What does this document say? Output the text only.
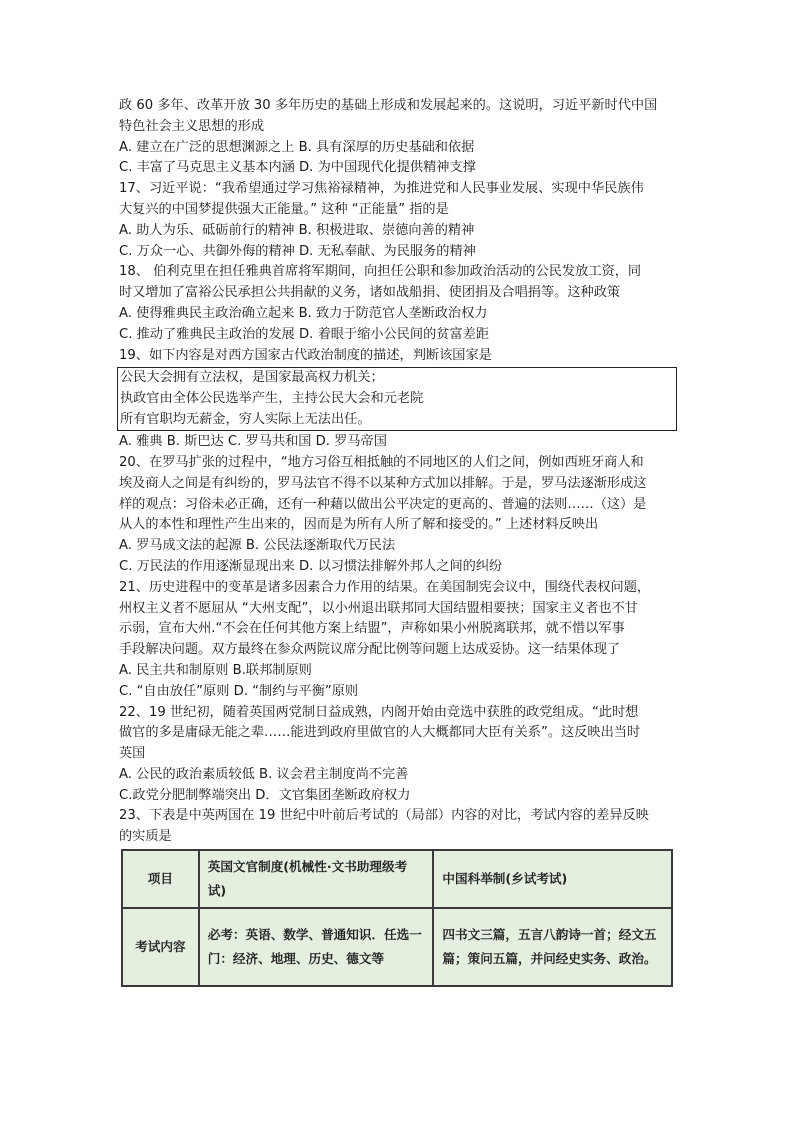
政 60 多年、改革开放 30 多年历史的基础上形成和发展起来的。这说明，习近平新时代中国
特色社会主义思想的形成
A. 建立在广泛的思想渊源之上 B. 具有深厚的历史基础和依据
C. 丰富了马克思主义基本内涵 D. 为中国现代化提供精神支撑
17、习近平说：“我希望通过学习焦裕禄精神，为推进党和人民事业发展、实现中华民族伟
大复兴的中国梦提供强大正能量。” 这种 “正能量” 指的是
A. 助人为乐、砥砺前行的精神 B. 积极进取、崇德向善的精神
C. 万众一心、共御外侮的精神 D. 无私奉献、为民服务的精神
18、 伯利克里在担任雅典首席将军期间，向担任公职和参加政治活动的公民发放工资，同
时又增加了富裕公民承担公共捐献的义务，诸如战船捐、使团捐及合唱捐等。这种政策
A. 使得雅典民主政治确立起来 B. 致力于防范官人垄断政治权力
C. 推动了雅典民主政治的发展 D. 着眼于缩小公民间的贫富差距
19、如下内容是对西方国家古代政治制度的描述，判断该国家是
公民大会拥有立法权，是国家最高权力机关；
执政官由全体公民选举产生，主持公民大会和元老院
所有官职均无薪金，穷人实际上无法出任。
A. 雅典 B. 斯巴达 C. 罗马共和国 D. 罗马帝国
20、在罗马扩张的过程中，“地方习俗互相抵触的不同地区的人们之间，例如西班牙商人和
埃及商人之间是有纠纷的，罗马法官不得不以某种方式加以排解。于是，罗马法逐渐形成这
样的观点：习俗未必正确，还有一种藉以做出公平决定的更高的、普遍的法则……（这）是
从人的本性和理性产生出来的，因而是为所有人所了解和接受的。” 上述材料反映出
A. 罗马成文法的起源 B. 公民法逐渐取代万民法
C. 万民法的作用逐渐显现出来 D. 以习惯法排解外邦人之间的纠纷
21、历史进程中的变革是诸多因素合力作用的结果。在美国制宪会议中，围绕代表权问题，
州权主义者不愿屈从 “大州支配”，以小州退出联邦同大国结盟相要挟；国家主义者也不甘
示弱，宣布大州.“不会在任何其他方案上结盟”，声称如果小州脱离联邦，就不惜以军事
手段解决问题。双方最终在参众两院议席分配比例等问题上达成妥协。这一结果体现了
A. 民主共和制原则 B.联邦制原则
C. “自由放任”原则 D. “制约与平衡”原则
22、19 世纪初，随着英国两党制日益成熟，内阁开始由竞选中获胜的政党组成。“此时想
做官的多是庸碌无能之辈……能进到政府里做官的人大概都同大臣有关系”。这反映出当时
英国
A. 公民的政治素质较低 B. 议会君主制度尚不完善
C.政党分肥制弊端突出 D．文官集团垄断政府权力
23、下表是中英两国在 19 世纪中叶前后考试的（局部）内容的对比，考试内容的差异反映
的实质是
项目	英国文官制度(机械性·文书助理级考试)	中国科举制(乡试考试)
考试内容	必考：英语、数学、普通知识．任选一门：经济、地理、历史、德文等	四书文三篇，五言八韵诗一首；经文五篇；策问五篇，并问经史实务、政治。
